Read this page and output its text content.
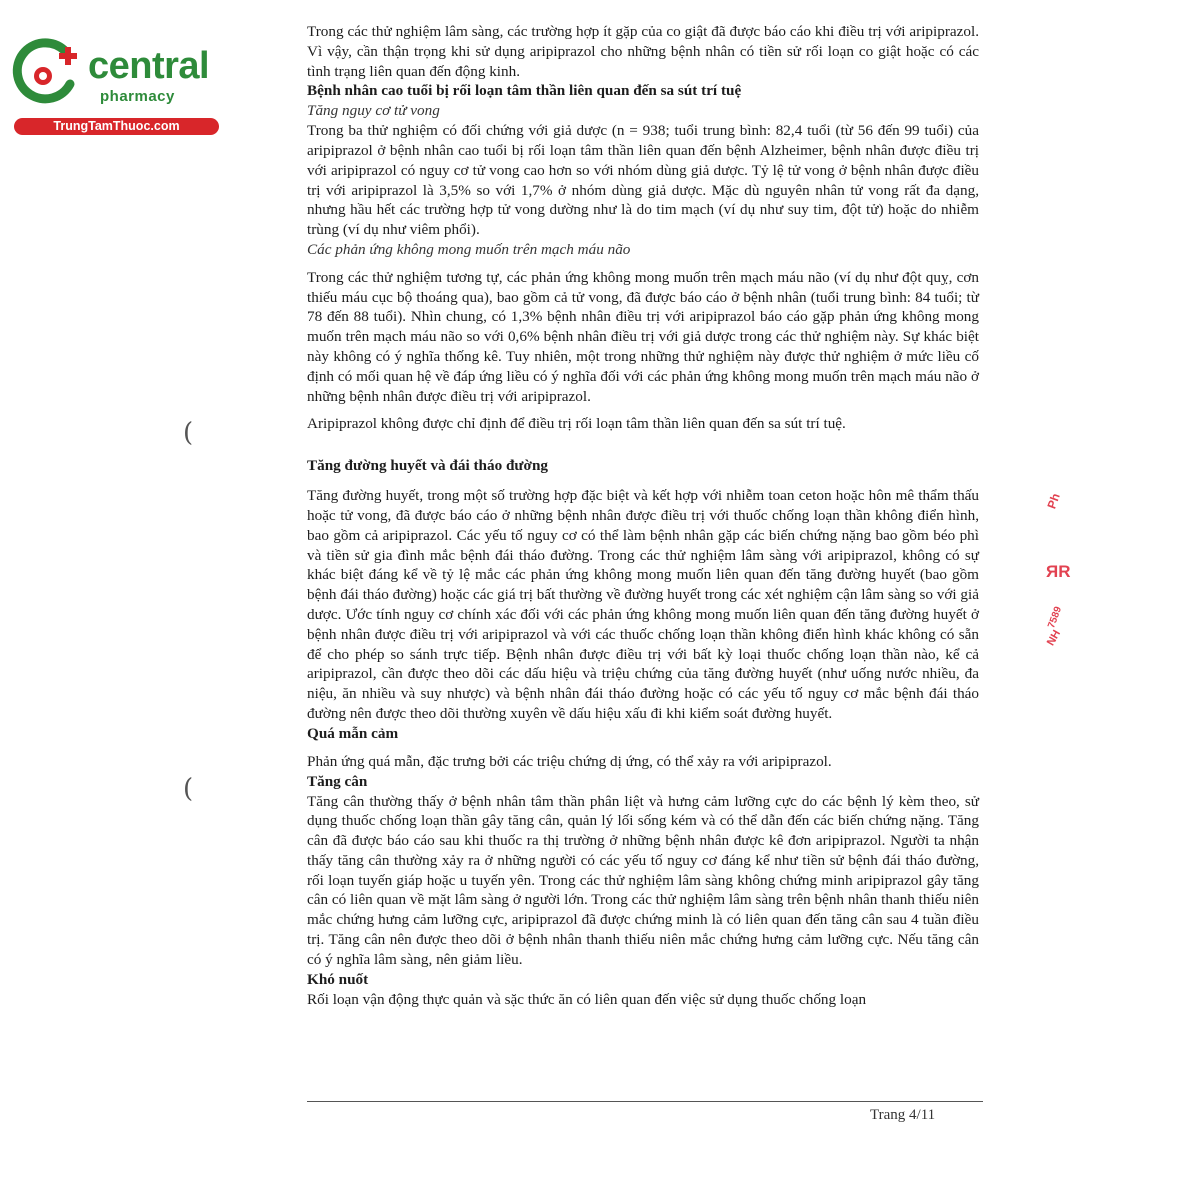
central
pharmacy
TrungTamThuoc.com
(
(
Ph
ЯR
7589
NH

Trong các thử nghiệm lâm sàng, các trường hợp ít gặp của co giật đã được báo cáo khi điều trị với aripiprazol. Vì vậy, cần thận trọng khi sử dụng aripiprazol cho những bệnh nhân có tiền sử rối loạn co giật hoặc có các tình trạng liên quan đến động kinh.

Bệnh nhân cao tuổi bị rối loạn tâm thần liên quan đến sa sút trí tuệ
Tăng nguy cơ tử vong

Trong ba thử nghiệm có đối chứng với giả dược (n = 938; tuổi trung bình: 82,4 tuổi (từ 56 đến 99 tuổi) của aripiprazol ở bệnh nhân cao tuổi bị rối loạn tâm thần liên quan đến bệnh Alzheimer, bệnh nhân được điều trị với aripiprazol có nguy cơ tử vong cao hơn so với nhóm dùng giả dược. Tỷ lệ tử vong ở bệnh nhân được điều trị với aripiprazol là 3,5% so với 1,7% ở nhóm dùng giả dược. Mặc dù nguyên nhân tử vong rất đa dạng, nhưng hầu hết các trường hợp tử vong dường như là do tim mạch (ví dụ như suy tim, đột tử) hoặc do nhiễm trùng (ví dụ như viêm phổi).

Các phản ứng không mong muốn trên mạch máu não

Trong các thử nghiệm tương tự, các phản ứng không mong muốn trên mạch máu não (ví dụ như đột quỵ, cơn thiếu máu cục bộ thoáng qua), bao gồm cả tử vong, đã được báo cáo ở bệnh nhân (tuổi trung bình: 84 tuổi; từ 78 đến 88 tuổi). Nhìn chung, có 1,3% bệnh nhân điều trị với aripiprazol báo cáo gặp phản ứng không mong muốn trên mạch máu não so với 0,6% bệnh nhân điều trị với giả dược trong các thử nghiệm này. Sự khác biệt này không có ý nghĩa thống kê. Tuy nhiên, một trong những thử nghiệm này được thử nghiệm ở mức liều cố định có mối quan hệ về đáp ứng liều có ý nghĩa đối với các phản ứng không mong muốn trên mạch máu não ở những bệnh nhân được điều trị với aripiprazol.

Aripiprazol không được chỉ định để điều trị rối loạn tâm thần liên quan đến sa sút trí tuệ.

Tăng đường huyết và đái tháo đường

Tăng đường huyết, trong một số trường hợp đặc biệt và kết hợp với nhiễm toan ceton hoặc hôn mê thẩm thấu hoặc tử vong, đã được báo cáo ở những bệnh nhân được điều trị với thuốc chống loạn thần không điển hình, bao gồm cả aripiprazol. Các yếu tố nguy cơ có thể làm bệnh nhân gặp các biến chứng nặng bao gồm béo phì và tiền sử gia đình mắc bệnh đái tháo đường. Trong các thử nghiệm lâm sàng với aripiprazol, không có sự khác biệt đáng kể về tỷ lệ mắc các phản ứng không mong muốn liên quan đến tăng đường huyết (bao gồm bệnh đái tháo đường) hoặc các giá trị bất thường về đường huyết trong các xét nghiệm cận lâm sàng so với giả dược. Ước tính nguy cơ chính xác đối với các phản ứng không mong muốn liên quan đến tăng đường huyết ở bệnh nhân được điều trị với aripiprazol và với các thuốc chống loạn thần không điển hình khác không có sẵn để cho phép so sánh trực tiếp. Bệnh nhân được điều trị với bất kỳ loại thuốc chống loạn thần nào, kể cả aripiprazol, cần được theo dõi các dấu hiệu và triệu chứng của tăng đường huyết (như uống nước nhiều, đa niệu, ăn nhiều và suy nhược) và bệnh nhân đái tháo đường hoặc có các yếu tố nguy cơ mắc bệnh đái tháo đường nên được theo dõi thường xuyên về dấu hiệu xấu đi khi kiểm soát đường huyết.

Quá mẫn cảm

Phản ứng quá mẫn, đặc trưng bởi các triệu chứng dị ứng, có thể xảy ra với aripiprazol.

Tăng cân

Tăng cân thường thấy ở bệnh nhân tâm thần phân liệt và hưng cảm lưỡng cực do các bệnh lý kèm theo, sử dụng thuốc chống loạn thần gây tăng cân, quản lý lối sống kém và có thể dẫn đến các biến chứng nặng. Tăng cân đã được báo cáo sau khi thuốc ra thị trường ở những bệnh nhân được kê đơn aripiprazol. Người ta nhận thấy tăng cân thường xảy ra ở những người có các yếu tố nguy cơ đáng kể như tiền sử bệnh đái tháo đường, rối loạn tuyến giáp hoặc u tuyến yên. Trong các thử nghiệm lâm sàng không chứng minh aripiprazol gây tăng cân có liên quan về mặt lâm sàng ở người lớn. Trong các thử nghiệm lâm sàng trên bệnh nhân thanh thiếu niên mắc chứng hưng cảm lưỡng cực, aripiprazol đã được chứng minh là có liên quan đến tăng cân sau 4 tuần điều trị. Tăng cân nên được theo dõi ở bệnh nhân thanh thiếu niên mắc chứng hưng cảm lưỡng cực. Nếu tăng cân có ý nghĩa lâm sàng, nên giảm liều.

Khó nuốt

Rối loạn vận động thực quản và sặc thức ăn có liên quan đến việc sử dụng thuốc chống loạn

Trang 4/11
